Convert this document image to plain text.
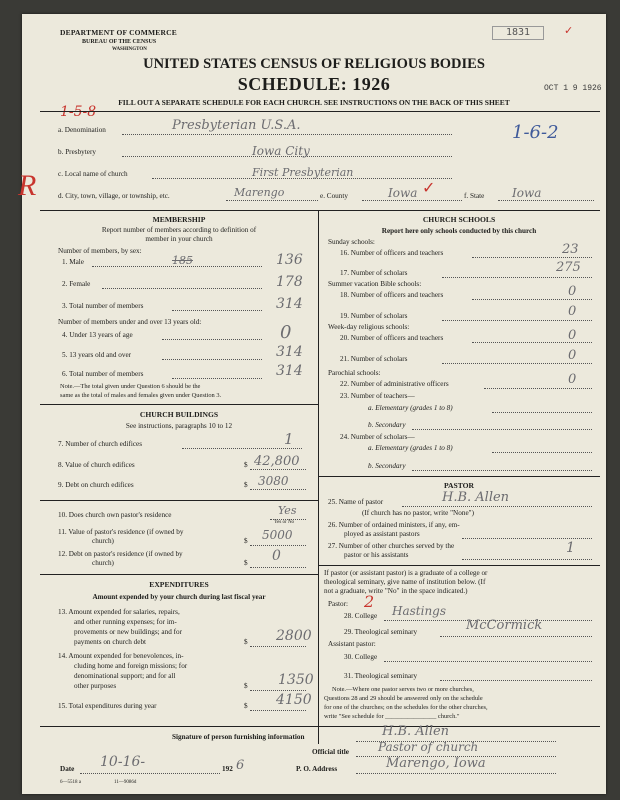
DEPARTMENT OF COMMERCE
BUREAU OF THE CENSUS
WASHINGTON
1831	✓
UNITED STATES CENSUS OF RELIGIOUS BODIES
SCHEDULE: 1926	OCT 1 9 1926
1-5-8
FILL OUT A SEPARATE SCHEDULE FOR EACH CHURCH. SEE INSTRUCTIONS ON THE BACK OF THIS SHEET
a. Denomination	Presbyterian U.S.A.	1-6-2
R
b. Presbytery	Iowa City
c. Local name of church	First Presbyterian
d. City, town, village, or township, etc.	Marengo	e. County	Iowa ✓	f. State Iowa
MEMBERSHIP
Report number of members according to definition of
member in your church
Number of members, by sex:
1. Male	185	136
2. Female	178
3. Total number of members	314
Number of members under and over 13 years old:
4. Under 13 years of age	0
5. 13 years old and over	314
6. Total number of members	314
Note.—The total given under Question 6 should be the
same as the total of males and females given under Question 3.
CHURCH BUILDINGS
See instructions, paragraphs 10 to 12
7. Number of church edifices	1
8. Value of church edifices	$ 42,800
9. Debt on church edifices	$ 3080
10. Does church own pastor's residence	Yes
Yes or No
11. Value of pastor's residence (if owned by
church)	$ 5000
12. Debt on pastor's residence (if owned by
church)	$ 0
EXPENDITURES
Amount expended by your church during last fiscal year
13. Amount expended for salaries, repairs,
and other running expenses; for im-
provements or new buildings; and for
payments on church debt	$ 2800
14. Amount expended for benevolences, in-
cluding home and foreign missions; for
denominational support; and for all
other purposes	$ 1350
15. Total expenditures during year	$ 4150
CHURCH SCHOOLS
Report here only schools conducted by this church
Sunday schools:
16. Number of officers and teachers	23
17. Number of scholars	275
Summer vacation Bible schools:
18. Number of officers and teachers	0
19. Number of scholars	0
Week-day religious schools:
20. Number of officers and teachers	0
21. Number of scholars	0
Parochial schools:
22. Number of administrative officers	0
23. Number of teachers—
a. Elementary (grades 1 to 8)
b. Secondary
24. Number of scholars—
a. Elementary (grades 1 to 8)
b. Secondary
PASTOR
25. Name of pastor	H.B. Allen
(If church has no pastor, write "None")
26. Number of ordained ministers, if any, em-
ployed as assistant pastors
27. Number of other churches served by the
pastor or his assistants	1
If pastor (or assistant pastor) is a graduate of a college or
theological seminary, give name of institution below. (If
not a graduate, write "No" in the space indicated.)
Pastor: 2
28. College Hastings
29. Theological seminary	McCormick
Assistant pastor:
30. College
31. Theological seminary
Note.—Where one pastor serves two or more churches,
Questions 28 and 29 should be answered only on the schedule
for one of the churches; on the schedules for the other churches,
write "See schedule for ________________ church."
Signature of person furnishing information	H.B. Allen
Official title Pastor of church
Date 10-16-	192 6	P. O. Address	Marengo, Iowa
6—5518 a	11—9086d
